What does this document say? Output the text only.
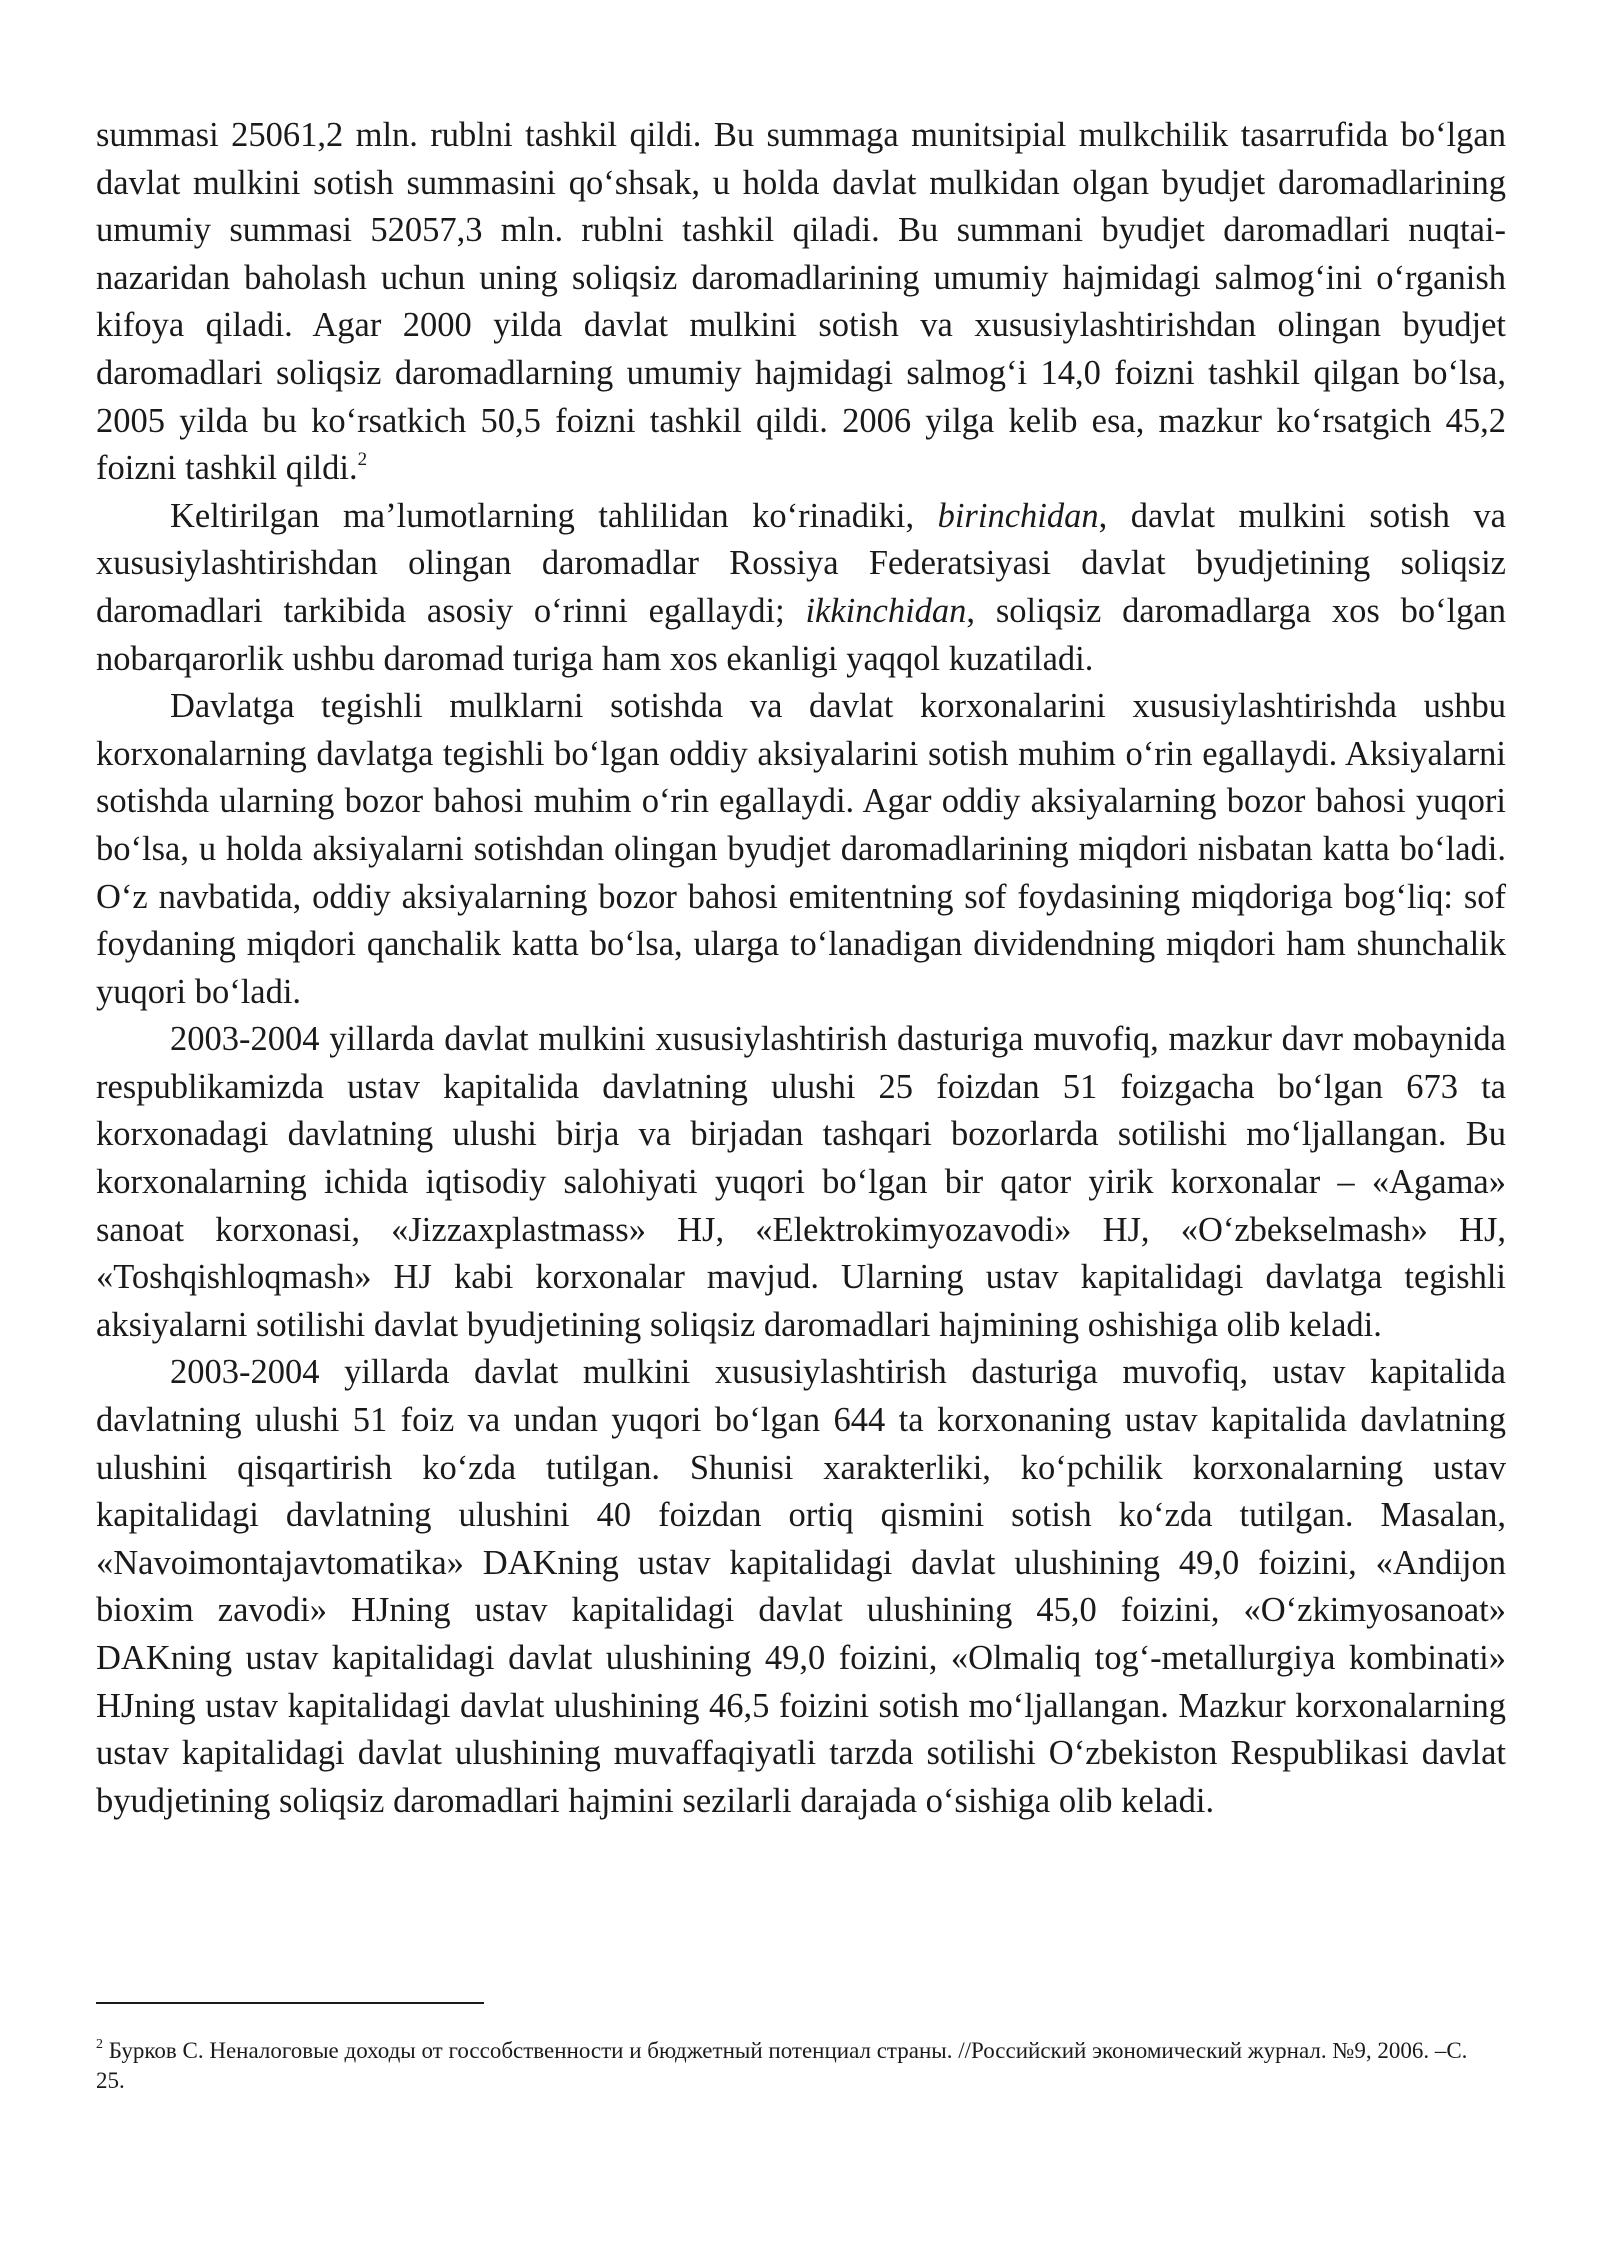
summasi 25061,2 mln. rublni tashkil qildi. Bu summaga munitsipial mulkchilik tasarrufida boʻlgan davlat mulkini sotish summasini qoʻshsak, u holda davlat mulkidan olgan byudjet daromadlarining umumiy summasi 52057,3 mln. rublni tashkil qiladi. Bu summani byudjet daromadlari nuqtai-nazaridan baholash uchun uning soliqsiz daromadlarining umumiy hajmidagi salmogʻini oʻrganish kifoya qiladi. Agar 2000 yilda davlat mulkini sotish va xususiylashtirishdan olingan byudjet daromadlari soliqsiz daromadlarning umumiy hajmidagi salmogʻi 14,0 foizni tashkil qilgan boʻlsa, 2005 yilda bu koʻrsatkich 50,5 foizni tashkil qildi. 2006 yilga kelib esa, mazkur koʻrsatgich 45,2 foizni tashkil qildi.$^2$

Keltirilgan maʼlumotlarning tahlilidan koʻrinadiki, birinchidan, davlat mulkini sotish va xususiylashtirishdan olingan daromadlar Rossiya Federatsiyasi davlat byudjetining soliqsiz daromadlari tarkibida asosiy oʻrinni egallaydi; ikkinchidan, soliqsiz daromadlarga xos boʻlgan nobarqarorlik ushbu daromad turiga ham xos ekanligi yaqqol kuzatiladi.

Davlatga tegishli mulklarni sotishda va davlat korxonalarini xususiylashtirishda ushbu korxonalarning davlatga tegishli boʻlgan oddiy aksiyalarini sotish muhim oʻrin egallaydi. Aksiyalarni sotishda ularning bozor bahosi muhim oʻrin egallaydi. Agar oddiy aksiyalarning bozor bahosi yuqori boʻlsa, u holda aksiyalarni sotishdan olingan byudjet daromadlarining miqdori nisbatan katta boʻladi. Oʻz navbatida, oddiy aksiyalarning bozor bahosi emitentning sof foydasining miqdoriga bogʻliq: sof foydaning miqdori qanchalik katta boʻlsa, ularga toʻlanadigan dividendning miqdori ham shunchalik yuqori boʻladi.

2003-2004 yillarda davlat mulkini xususiylashtirish dasturiga muvofiq, mazkur davr mobaynida respublikamizda ustav kapitalida davlatning ulushi 25 foizdan 51 foizgacha boʻlgan 673 ta korxonadagi davlatning ulushi birja va birjadan tashqari bozorlarda sotilishi moʻljallangan. Bu korxonalarning ichida iqtisodiy salohiyati yuqori boʻlgan bir qator yirik korxonalar – «Agama» sanoat korxonasi, «Jizzaxplastmass» HJ, «Elektrokimyozavodi» HJ, «Oʻzbekselmash» HJ, «Toshqishloqmash» HJ kabi korxonalar mavjud. Ularning ustav kapitalidagi davlatga tegishli aksiyalarni sotilishi davlat byudjetining soliqsiz daromadlari hajmining oshishiga olib keladi.

2003-2004 yillarda davlat mulkini xususiylashtirish dasturiga muvofiq, ustav kapitalida davlatning ulushi 51 foiz va undan yuqori boʻlgan 644 ta korxonaning ustav kapitalida davlatning ulushini qisqartirish koʻzda tutilgan. Shunisi xarakterliki, koʻpchilik korxonalarning ustav kapitalidagi davlatning ulushini 40 foizdan ortiq qismini sotish koʻzda tutilgan. Masalan, «Navoimontajavtomatika» DAKning ustav kapitalidagi davlat ulushining 49,0 foizini, «Andijon bioxim zavodi» HJning ustav kapitalidagi davlat ulushining 45,0 foizini, «Oʻzkimyosanoat» DAKning ustav kapitalidagi davlat ulushining 49,0 foizini, «Olmaliq togʻ-metallurgiya kombinati» HJning ustav kapitalidagi davlat ulushining 46,5 foizini sotish moʻljallangan. Mazkur korxonalarning ustav kapitalidagi davlat ulushining muvaffaqiyatli tarzda sotilishi Oʻzbekiston Respublikasi davlat byudjetining soliqsiz daromadlari hajmini sezilarli darajada oʻsishiga olib keladi.

$^2$ Бурков С. Неналоговые доходы от госсобственности и бюджетный потенциал страны. //Российский экономический журнал. №9, 2006. –С. 25.
